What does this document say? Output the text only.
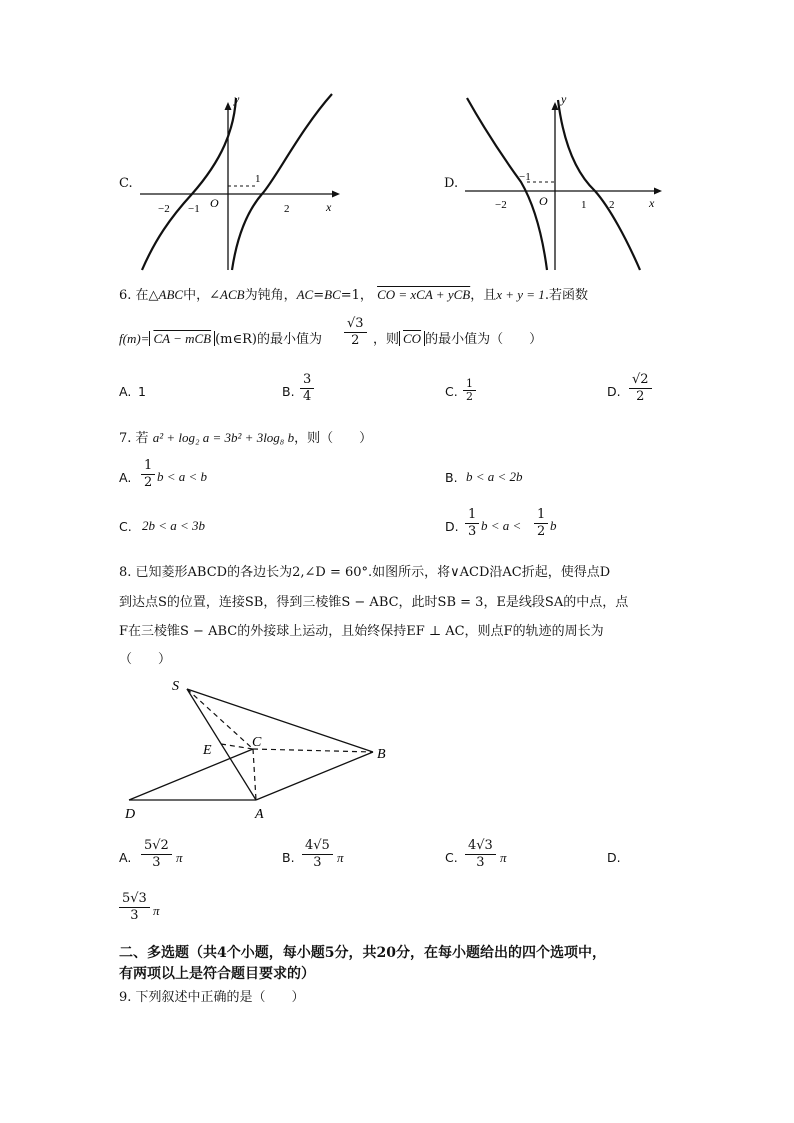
C.
y
x
O
−2 −1	2
1	D.
y
x
O
−2	1 2
−1
6. 在△ABC中，∠ACB为钝角，AC=BC=1， CO = xCA + yCB，且x + y = 1.若函数
f(m)= CA − mCB (m∈R)的最小值为 $\frac{√3}{2}$ ，则 $\overline{CO}$ 的最小值为（　　）
A. 1	B. $\frac{3}{4}$	C. $\frac{1}{2}$	D. $\frac{√2}{2}$
7. 若 a² + log₂ a = 3b² + 3log₈ b，则（　　）
A. $\frac{1}{2}$ b < a < b	B. b < a < 2b
C. 2b < a < 3b	D. $\frac{1}{3}$ $b < a < \frac{1}{2}$ b
8. 已知菱形ABCD的各边长为2,∠D = 60°.如图所示，将∨ACD沿AC折起，使得点D
到达点S的位置，连接SB，得到三棱锥S − ABC，此时SB = 3，E是线段SA的中点，点
F在三棱锥S − ABC的外接球上运动，且始终保持EF ⊥ AC，则点F的轨迹的周长为
（　　）
S
E
C
B
D	A
A. $\frac{5√2}{3}$ π	B. $\frac{4√5}{3}$ π	C. $\frac{4√3}{3}$ π	D.
$\frac{5√3}{3}$ π
二、多选题（共4个小题，每小题5分，共20分，在每小题给出的四个选项中，
有两项以上是符合题目要求的）
9. 下列叙述中正确的是（　　）
